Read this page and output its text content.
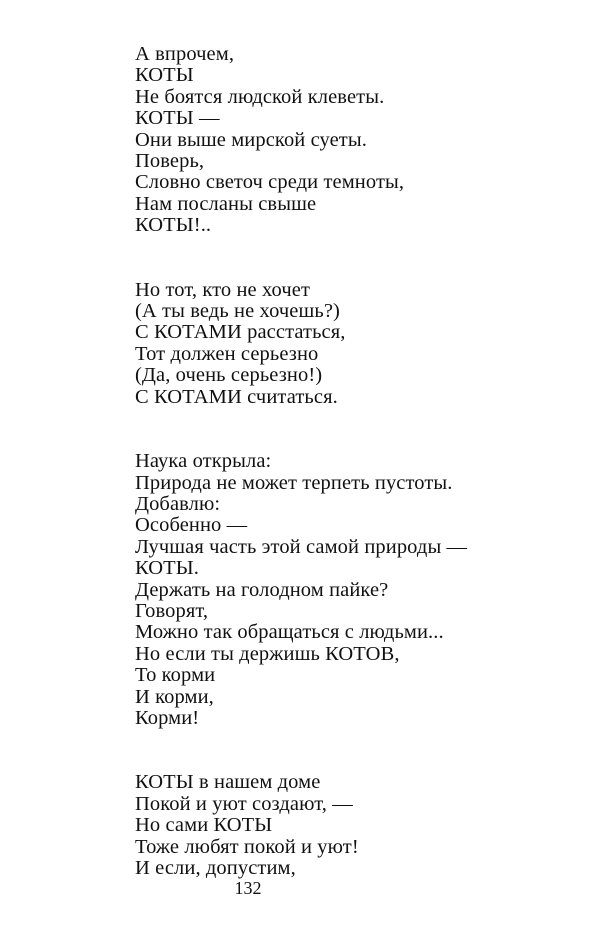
А впрочем,
КОТЫ
Не боятся людской клеветы.
КОТЫ —
Они выше мирской суеты.
Поверь,
Словно светоч среди темноты,
Нам посланы свыше
КОТЫ!..
Но тот, кто не хочет
(А ты ведь не хочешь?)
С КОТАМИ расстаться,
Тот должен серьезно
(Да, очень серьезно!)
С КОТАМИ считаться.
Наука открыла:
Природа не может терпеть пустоты.
Добавлю:
Особенно —
Лучшая часть этой самой природы —
КОТЫ.
Держать на голодном пайке?
Говорят,
Можно так обращаться с людьми...
Но если ты держишь КОТОВ,
То корми
И корми,
Корми!
КОТЫ в нашем доме
Покой и уют создают, —
Но сами КОТЫ
Тоже любят покой и уют!
И если, допустим,
132
